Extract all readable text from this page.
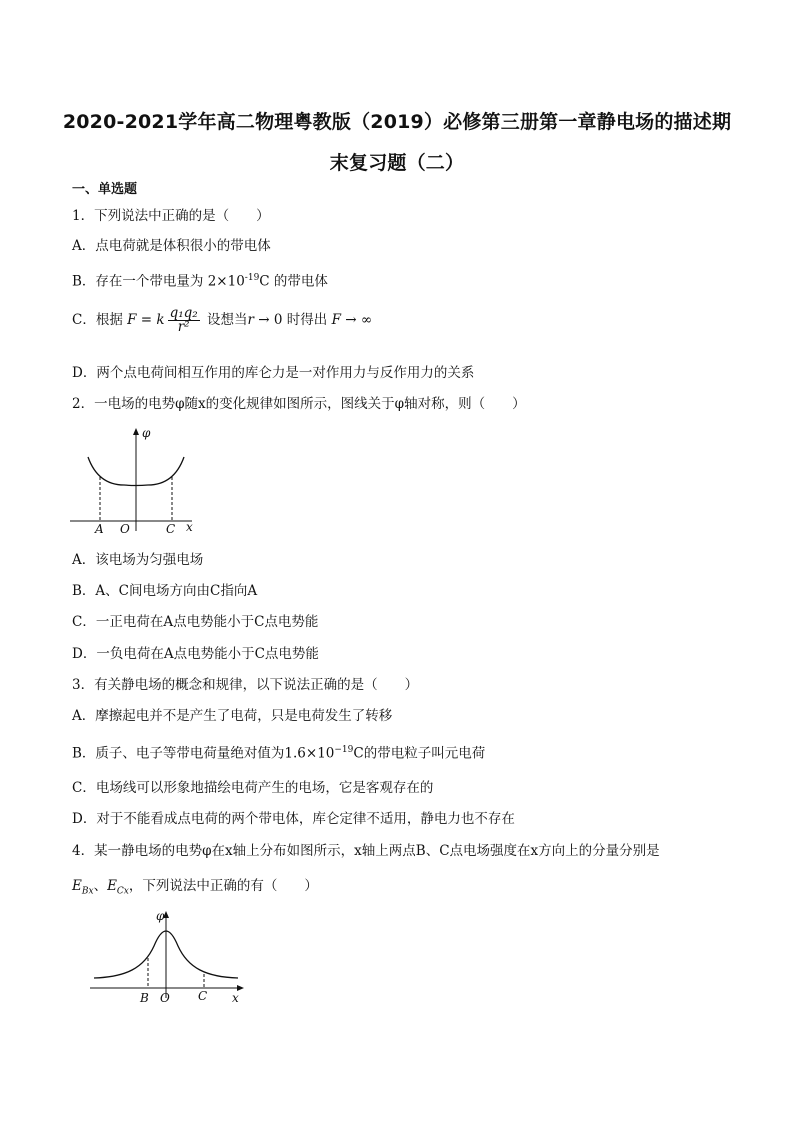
2020-2021学年高二物理粤教版（2019）必修第三册第一章静电场的描述期
末复习题（二）
一、单选题
1．下列说法中正确的是（　　）
A．点电荷就是体积很小的带电体
B．存在一个带电量为 $2\times 10^{-19}C$ 的带电体
C．根据 F = k $\frac{\text{q₁q₂}}{\text{r²}}$ 设想当r → 0 时得出 F → ∞
D．两个点电荷间相互作用的库仑力是一对作用力与反作用力的关系
2．一电场的电势φ随x的变化规律如图所示，图线关于φ轴对称，则（　　）
φ
A O	C x
A．该电场为匀强电场
B．A、C间电场方向由C指向A
C．一正电荷在A点电势能小于C点电势能
D．一负电荷在A点电势能小于C点电势能
3．有关静电场的概念和规律，以下说法正确的是（　　）
A．摩擦起电并不是产生了电荷，只是电荷发生了转移
B．质子、电子等带电荷量绝对值为$1.6\times 10^{-19}C$的带电粒子叫元电荷
C．电场线可以形象地描绘电荷产生的电场，它是客观存在的
D．对于不能看成点电荷的两个带电体，库仑定律不适用，静电力也不存在
4．某一静电场的电势φ在x轴上分布如图所示，x轴上两点B、C点电场强度在x方向上的分量分别是
$E_{Bx}$、$E_{Cx}$，下列说法中正确的有（　　）
φ
B O C x
